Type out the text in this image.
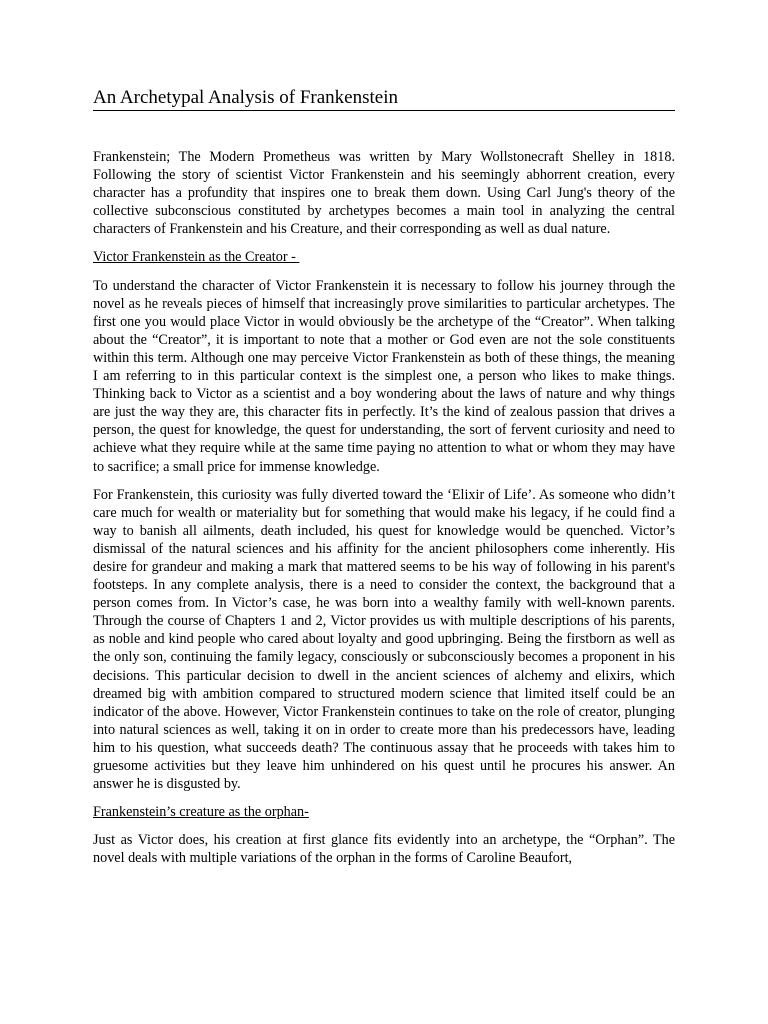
An Archetypal Analysis of Frankenstein

Frankenstein; The Modern Prometheus was written by Mary Wollstonecraft Shelley in 1818. Following the story of scientist Victor Frankenstein and his seemingly abhorrent creation, every character has a profundity that inspires one to break them down. Using Carl Jung's theory of the collective subconscious constituted by archetypes becomes a main tool in analyzing the central characters of Frankenstein and his Creature, and their corresponding as well as dual nature.

Victor Frankenstein as the Creator -

To understand the character of Victor Frankenstein it is necessary to follow his journey through the novel as he reveals pieces of himself that increasingly prove similarities to particular archetypes. The first one you would place Victor in would obviously be the archetype of the “Creator”. When talking about the “Creator”, it is important to note that a mother or God even are not the sole constituents within this term. Although one may perceive Victor Frankenstein as both of these things, the meaning I am referring to in this particular context is the simplest one, a person who likes to make things. Thinking back to Victor as a scientist and a boy wondering about the laws of nature and why things are just the way they are, this character fits in perfectly. It’s the kind of zealous passion that drives a person, the quest for knowledge, the quest for understanding, the sort of fervent curiosity and need to achieve what they require while at the same time paying no attention to what or whom they may have to sacrifice; a small price for immense knowledge.

For Frankenstein, this curiosity was fully diverted toward the ‘Elixir of Life’. As someone who didn’t care much for wealth or materiality but for something that would make his legacy, if he could find a way to banish all ailments, death included, his quest for knowledge would be quenched. Victor’s dismissal of the natural sciences and his affinity for the ancient philosophers come inherently. His desire for grandeur and making a mark that mattered seems to be his way of following in his parent's footsteps. In any complete analysis, there is a need to consider the context, the background that a person comes from. In Victor’s case, he was born into a wealthy family with well-known parents. Through the course of Chapters 1 and 2, Victor provides us with multiple descriptions of his parents, as noble and kind people who cared about loyalty and good upbringing. Being the firstborn as well as the only son, continuing the family legacy, consciously or subconsciously becomes a proponent in his decisions. This particular decision to dwell in the ancient sciences of alchemy and elixirs, which dreamed big with ambition compared to structured modern science that limited itself could be an indicator of the above. However, Victor Frankenstein continues to take on the role of creator, plunging into natural sciences as well, taking it on in order to create more than his predecessors have, leading him to his question, what succeeds death? The continuous assay that he proceeds with takes him to gruesome activities but they leave him unhindered on his quest until he procures his answer. An answer he is disgusted by.

Frankenstein’s creature as the orphan-

Just as Victor does, his creation at first glance fits evidently into an archetype, the “Orphan”. The novel deals with multiple variations of the orphan in the forms of Caroline Beaufort,
